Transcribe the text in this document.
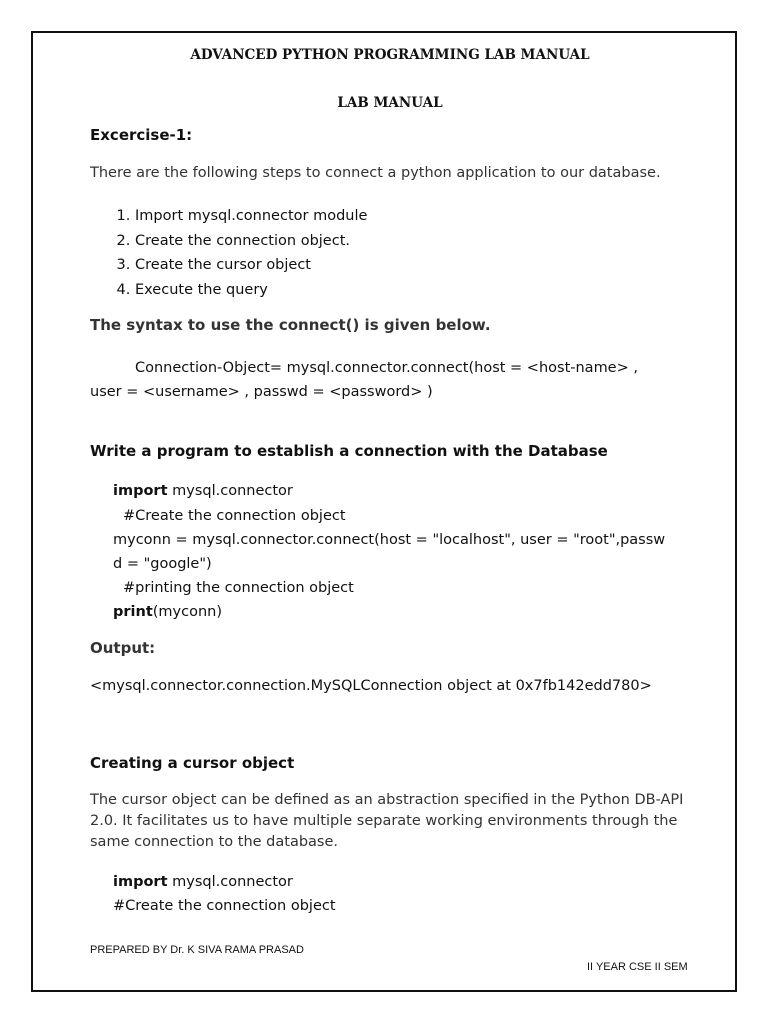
ADVANCED PYTHON PROGRAMMING LAB MANUAL
LAB MANUAL
Excercise-1:
There are the following steps to connect a python application to our database.
1. Import mysql.connector module
2. Create the connection object.
3. Create the cursor object
4. Execute the query
The syntax to use the connect() is given below.
Connection-Object= mysql.connector.connect(host = <host-name> ,
user = <username> , passwd = <password> )
Write a program to establish a connection with the Database
import mysql.connector
#Create the connection object
myconn = mysql.connector.connect(host = "localhost", user = "root",passw
d = "google")
#printing the connection object
print(myconn)
Output:
<mysql.connector.connection.MySQLConnection object at 0x7fb142edd780>
Creating a cursor object
The cursor object can be defined as an abstraction specified in the Python DB-API 2.0. It facilitates us to have multiple separate working environments through the same connection to the database.
import mysql.connector
#Create the connection object
PREPARED BY Dr. K SIVA RAMA PRASAD
II YEAR CSE II SEM
